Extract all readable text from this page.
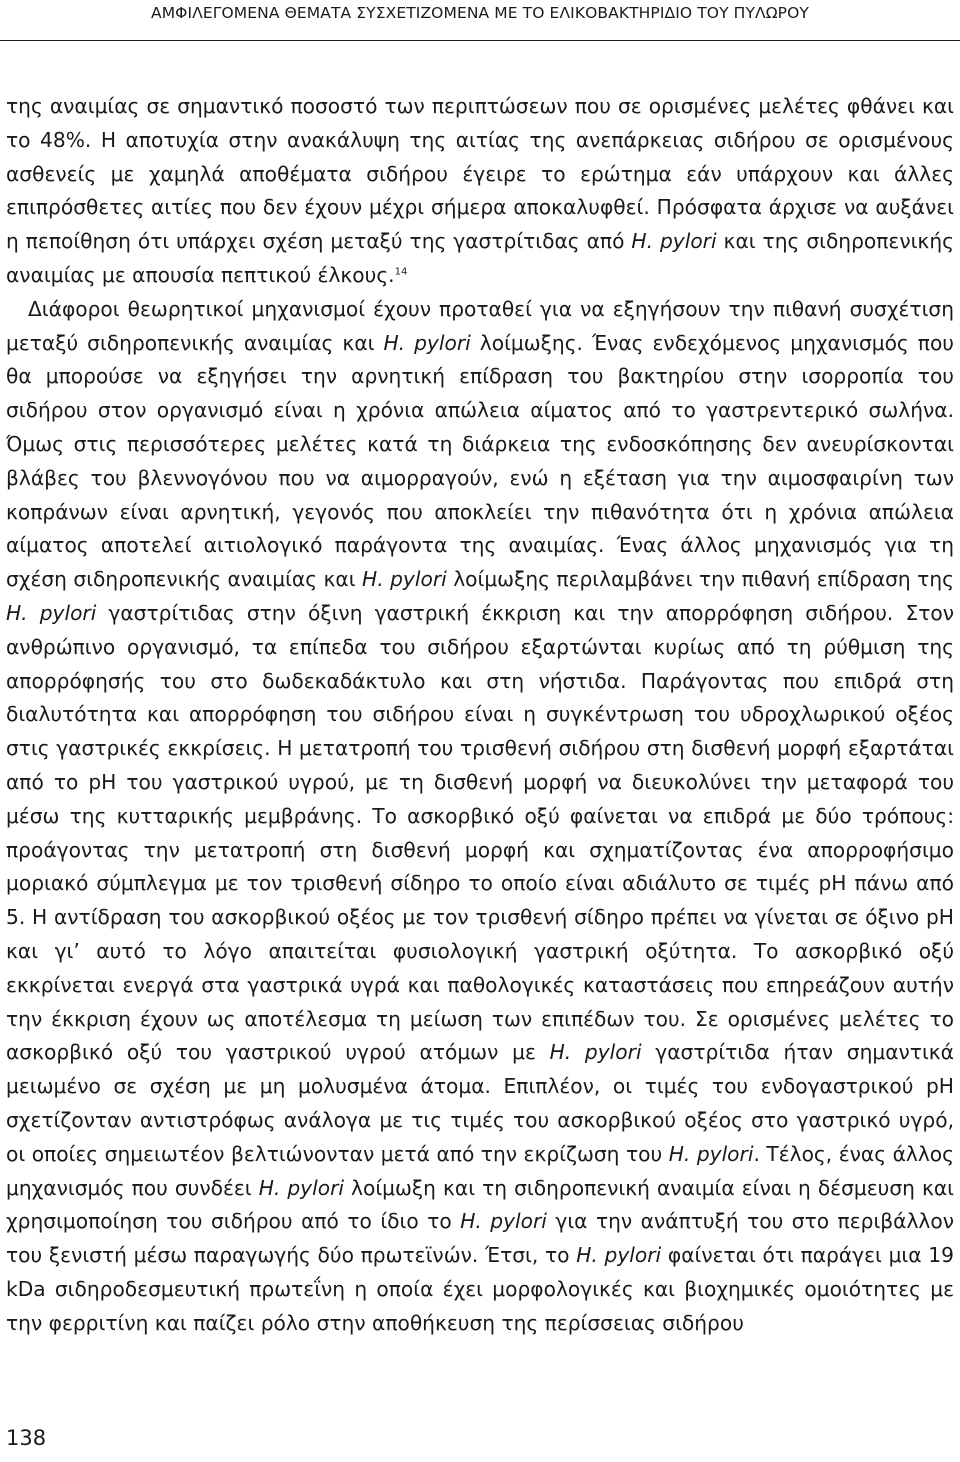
ΑΜΦΙΛΕΓΟΜΕΝΑ ΘΕΜΑΤΑ ΣΥΣΧΕΤΙΖΟΜΕΝΑ ΜΕ ΤΟ ΕΛΙΚΟΒΑΚΤΗΡΙΔΙΟ ΤΟΥ ΠΥΛΩΡΟΥ

της αναιμίας σε σημαντικό ποσοστό των περιπτώσεων που σε ορισμένες μελέτες φθάνει και το 48%. Η αποτυχία στην ανακάλυψη της αιτίας της ανεπάρκειας σιδήρου σε ορισμένους ασθενείς με χαμηλά αποθέματα σιδήρου έγειρε το ερώτημα εάν υπάρχουν και άλλες επιπρόσθετες αιτίες που δεν έχουν μέχρι σήμερα αποκαλυφθεί. Πρόσφατα άρχισε να αυξάνει η πεποίθηση ότι υπάρχει σχέση μεταξύ της γαστρίτιδας από H. pylori και της σιδηροπενικής αναιμίας με απουσία πεπτικού έλκους.$^{14}$

Διάφοροι θεωρητικοί μηχανισμοί έχουν προταθεί για να εξηγήσουν την πιθανή συσχέτιση μεταξύ σιδηροπενικής αναιμίας και H. pylori λοίμωξης. Ένας ενδεχόμενος μηχανισμός που θα μπορούσε να εξηγήσει την αρνητική επίδραση του βακτηρίου στην ισορροπία του σιδήρου στον οργανισμό είναι η χρόνια απώλεια αίματος από το γαστρεντερικό σωλήνα. Όμως στις περισσότερες μελέτες κατά τη διάρκεια της ενδοσκόπησης δεν ανευρίσκονται βλάβες του βλεννογόνου που να αιμορραγούν, ενώ η εξέταση για την αιμοσφαιρίνη των κοπράνων είναι αρνητική, γεγονός που αποκλείει την πιθανότητα ότι η χρόνια απώλεια αίματος αποτελεί αιτιολογικό παράγοντα της αναιμίας. Ένας άλλος μηχανισμός για τη σχέση σιδηροπενικής αναιμίας και H. pylori λοίμωξης περιλαμβάνει την πιθανή επίδραση της H. pylori γαστρίτιδας στην όξινη γαστρική έκκριση και την απορρόφηση σιδήρου. Στον ανθρώπινο οργανισμό, τα επίπεδα του σιδήρου εξαρτώνται κυρίως από τη ρύθμιση της απορρόφησής του στο δωδεκαδάκτυλο και στη νήστιδα. Παράγοντας που επιδρά στη διαλυτότητα και απορρόφηση του σιδήρου είναι η συγκέντρωση του υδροχλωρικού οξέος στις γαστρικές εκκρίσεις. Η μετατροπή του τρισθενή σιδήρου στη δισθενή μορφή εξαρτάται από το pH του γαστρικού υγρού, με τη δισθενή μορφή να διευκολύνει την μεταφορά του μέσω της κυτταρικής μεμβράνης. Το ασκορβικό οξύ φαίνεται να επιδρά με δύο τρόπους: προάγοντας την μετατροπή στη δισθενή μορφή και σχηματίζοντας ένα απορροφήσιμο μοριακό σύμπλεγμα με τον τρισθενή σίδηρο το οποίο είναι αδιάλυτο σε τιμές pH πάνω από 5. Η αντίδραση του ασκορβικού οξέος με τον τρισθενή σίδηρο πρέπει να γίνεται σε όξινο pH και γι’ αυτό το λόγο απαιτείται φυσιολογική γαστρική οξύτητα. Το ασκορβικό οξύ εκκρίνεται ενεργά στα γαστρικά υγρά και παθολογικές καταστάσεις που επηρεάζουν αυτήν την έκκριση έχουν ως αποτέλεσμα τη μείωση των επιπέδων του. Σε ορισμένες μελέτες το ασκορβικό οξύ του γαστρικού υγρού ατόμων με H. pylori γαστρίτιδα ήταν σημαντικά μειωμένο σε σχέση με μη μολυσμένα άτομα. Επιπλέον, οι τιμές του ενδογαστρικού pH σχετίζονταν αντιστρόφως ανάλογα με τις τιμές του ασκορβικού οξέος στο γαστρικό υγρό, οι οποίες σημειωτέον βελτιώνονταν μετά από την εκρίζωση του H. pylori. Τέλος, ένας άλλος μηχανισμός που συνδέει H. pylori λοίμωξη και τη σιδηροπενική αναιμία είναι η δέσμευση και χρησιμοποίηση του σιδήρου από το ίδιο το H. pylori για την ανάπτυξή του στο περιβάλλον του ξενιστή μέσω παραγωγής δύο πρωτεϊνών. Έτσι, το H. pylori φαίνεται ότι παράγει μια 19 kDa σιδηροδεσμευτική πρωτεΐνη η οποία έχει μορφολογικές και βιοχημικές ομοιότητες με την φερριτίνη και παίζει ρόλο στην αποθήκευση της περίσσειας σιδήρου

138
